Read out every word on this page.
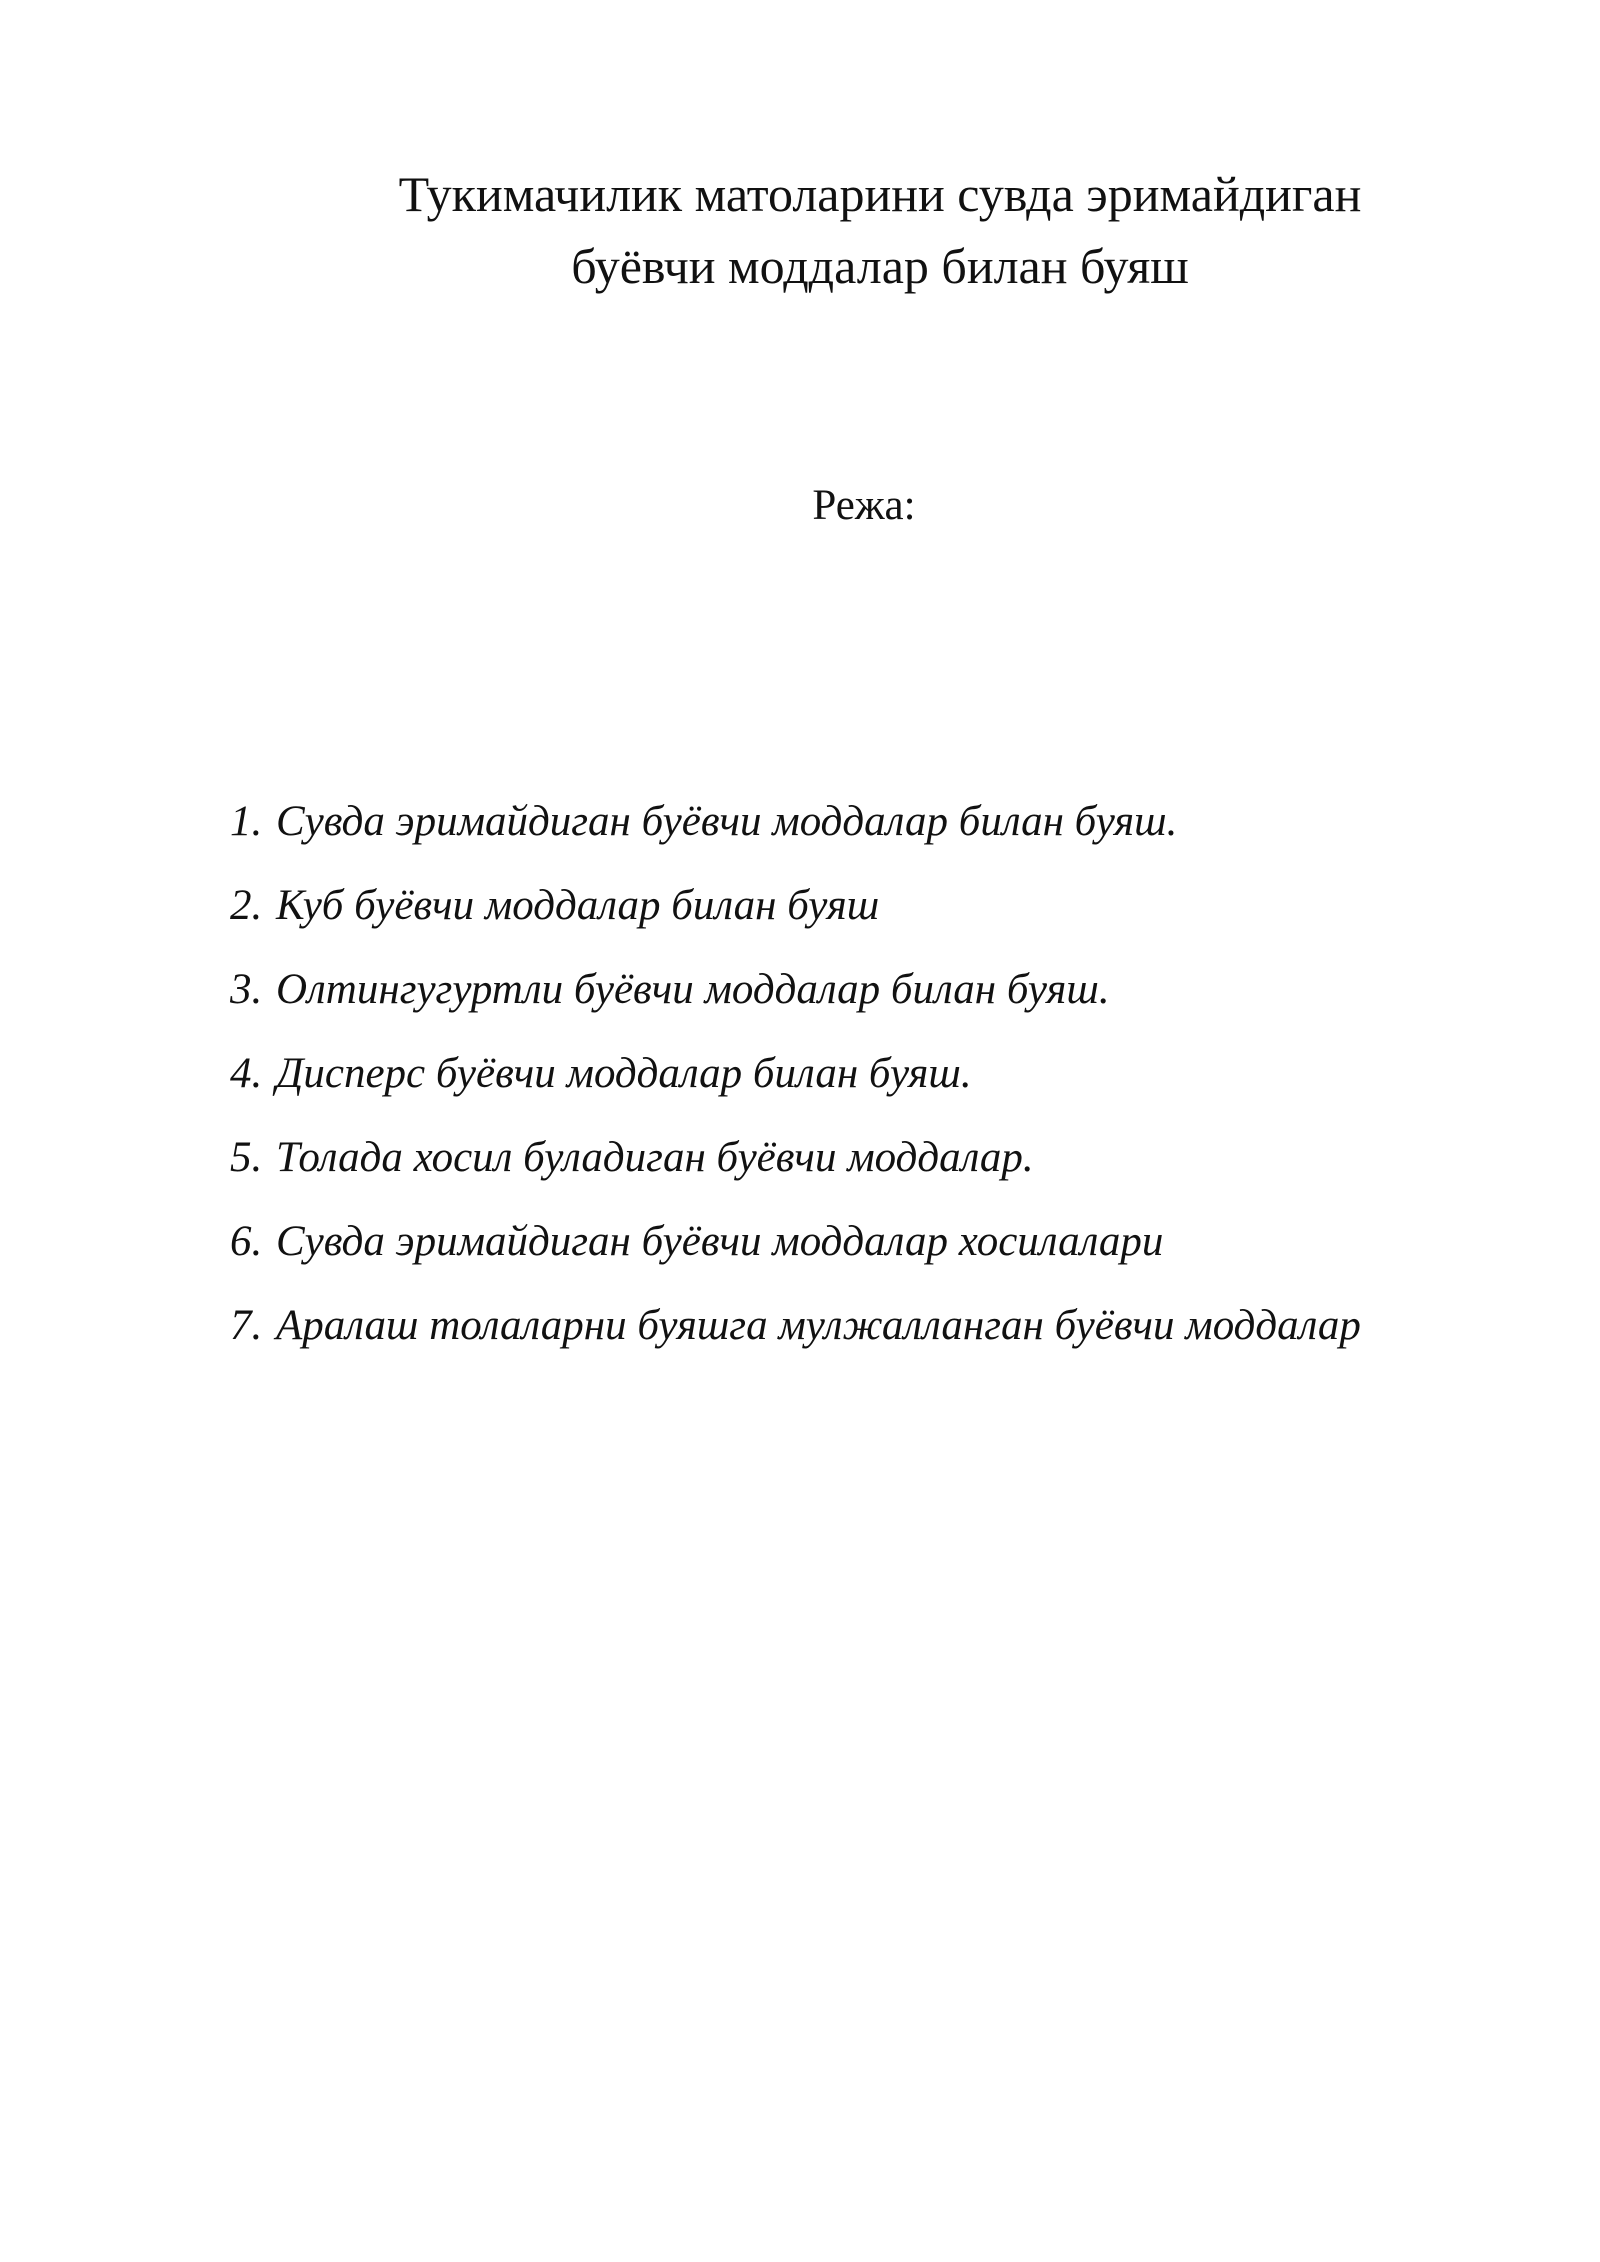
Тукимачилик матоларини сувда эримайдиган
буёвчи моддалар билан буяш
Режа:
1. Сувда эримайдиган буёвчи моддалар билан буяш.
2. Куб буёвчи моддалар билан буяш
3. Олтингугуртли буёвчи моддалар билан буяш.
4. Дисперс буёвчи моддалар билан буяш.
5. Толада хосил буладиган буёвчи моддалар.
6. Сувда эримайдиган буёвчи моддалар хосилалари
7. Аралаш толаларни буяшга мулжалланган буёвчи моддалар
